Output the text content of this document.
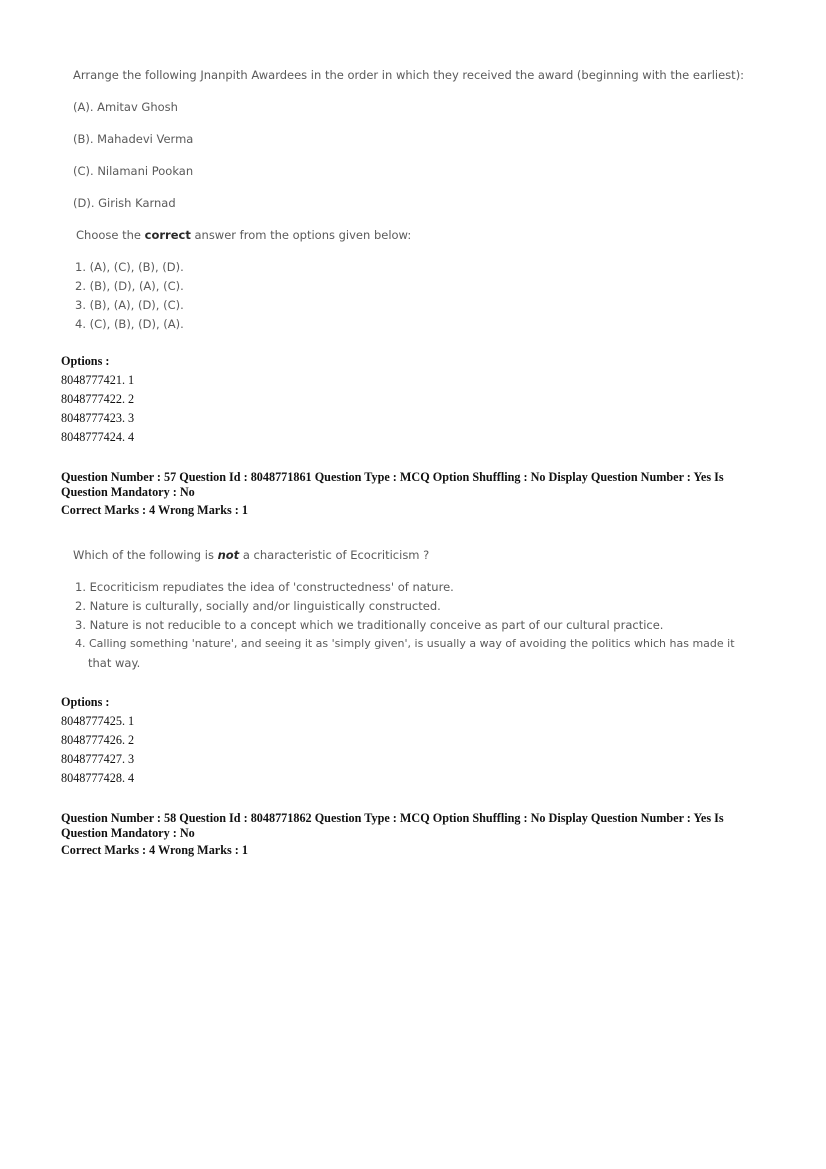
Arrange the following Jnanpith Awardees in the order in which they received the award (beginning with the earliest):
(A). Amitav Ghosh
(B). Mahadevi Verma
(C). Nilamani Pookan
(D). Girish Karnad
Choose the correct answer from the options given below:
1. (A), (C), (B), (D).
2. (B), (D), (A), (C).
3. (B), (A), (D), (C).
4. (C), (B), (D), (A).
Options :
8048777421. 1
8048777422. 2
8048777423. 3
8048777424. 4
Question Number : 57 Question Id : 8048771861 Question Type : MCQ Option Shuffling : No Display Question Number : Yes Is
Question Mandatory : No
Correct Marks : 4 Wrong Marks : 1
Which of the following is not a characteristic of Ecocriticism ?
1. Ecocriticism repudiates the idea of 'constructedness' of nature.
2. Nature is culturally, socially and/or linguistically constructed.
3. Nature is not reducible to a concept which we traditionally conceive as part of our cultural practice.
4. Calling something 'nature', and seeing it as 'simply given', is usually a way of avoiding the politics which has made it
that way.
Options :
8048777425. 1
8048777426. 2
8048777427. 3
8048777428. 4
Question Number : 58 Question Id : 8048771862 Question Type : MCQ Option Shuffling : No Display Question Number : Yes Is
Question Mandatory : No
Correct Marks : 4 Wrong Marks : 1
